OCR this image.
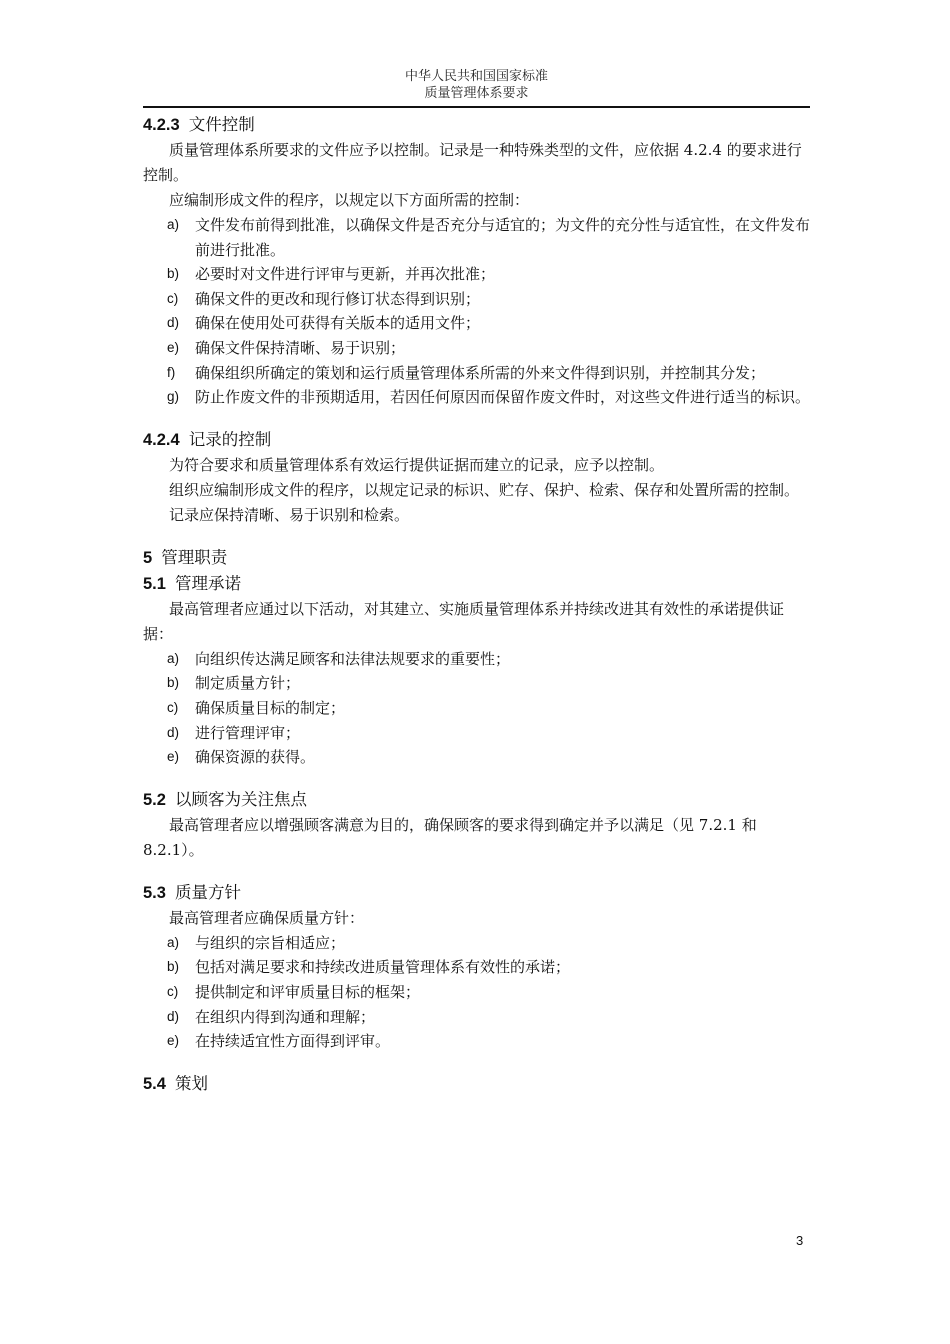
中华人民共和国国家标准
质量管理体系要求
4.2.3 文件控制

质量管理体系所要求的文件应予以控制。记录是一种特殊类型的文件，应依据 4.2.4 的要求进行控制。

应编制形成文件的程序，以规定以下方面所需的控制：

a)	文件发布前得到批准，以确保文件是否充分与适宜的；为文件的充分性与适宜性，在文件发布前进行批准。
b)	必要时对文件进行评审与更新，并再次批准；
c)	确保文件的更改和现行修订状态得到识别；
d)	确保在使用处可获得有关版本的适用文件；
e)	确保文件保持清晰、易于识别；
f)	确保组织所确定的策划和运行质量管理体系所需的外来文件得到识别，并控制其分发；
g)	防止作废文件的非预期适用，若因任何原因而保留作废文件时，对这些文件进行适当的标识。
4.2.4 记录的控制

为符合要求和质量管理体系有效运行提供证据而建立的记录，应予以控制。

组织应编制形成文件的程序，以规定记录的标识、贮存、保护、检索、保存和处置所需的控制。

记录应保持清晰、易于识别和检索。

5 管理职责
5.1 管理承诺

最高管理者应通过以下活动，对其建立、实施质量管理体系并持续改进其有效性的承诺提供证据：

a)	向组织传达满足顾客和法律法规要求的重要性；
b)	制定质量方针；
c)	确保质量目标的制定；
d)	进行管理评审；
e)	确保资源的获得。
5.2 以顾客为关注焦点

最高管理者应以增强顾客满意为目的，确保顾客的要求得到确定并予以满足（见 7.2.1 和 8.2.1）。

5.3 质量方针

最高管理者应确保质量方针：

a)	与组织的宗旨相适应；
b)	包括对满足要求和持续改进质量管理体系有效性的承诺；
c)	提供制定和评审质量目标的框架；
d)	在组织内得到沟通和理解；
e)	在持续适宜性方面得到评审。
5.4 策划
3
